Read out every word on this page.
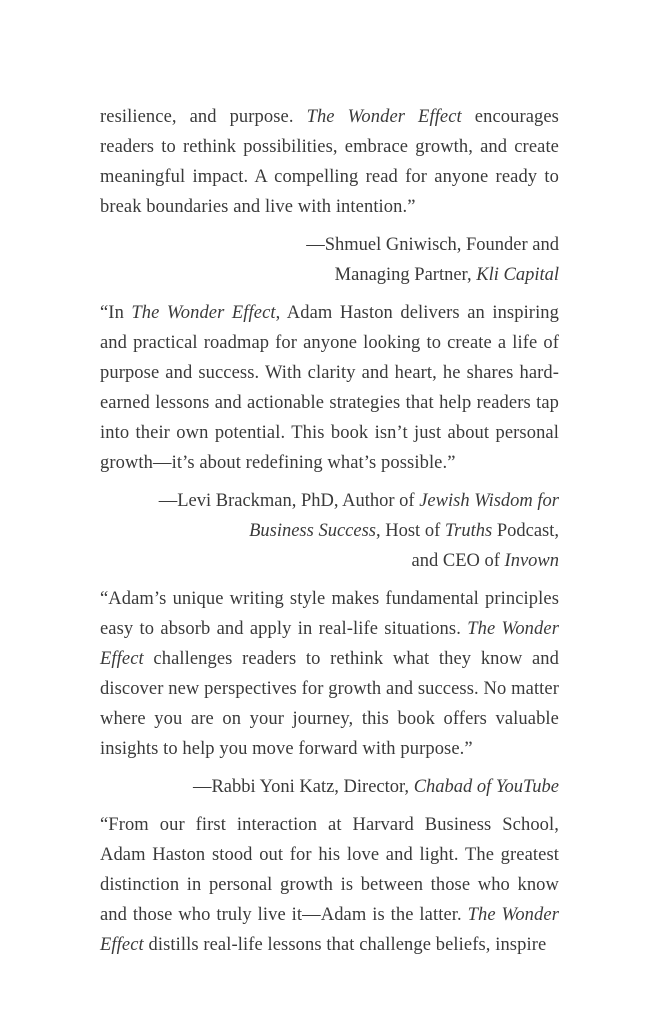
resilience, and purpose. The Wonder Effect encourages readers to rethink possibilities, embrace growth, and create meaningful impact. A compelling read for anyone ready to break boundaries and live with intention.”
—Shmuel Gniwisch, Founder and
Managing Partner, Kli Capital
“In The Wonder Effect, Adam Haston delivers an inspiring and practical roadmap for anyone looking to create a life of purpose and success. With clarity and heart, he shares hard-earned lessons and actionable strategies that help readers tap into their own potential. This book isn’t just about personal growth—it’s about redefining what’s possible.”
—Levi Brackman, PhD, Author of Jewish Wisdom for
Business Success, Host of Truths Podcast,
and CEO of Invown
“Adam’s unique writing style makes fundamental principles easy to absorb and apply in real-life situations. The Wonder Effect challenges readers to rethink what they know and discover new perspectives for growth and success. No matter where you are on your journey, this book offers valuable insights to help you move forward with purpose.”
—Rabbi Yoni Katz, Director, Chabad of YouTube
“From our first interaction at Harvard Business School, Adam Haston stood out for his love and light. The greatest distinction in personal growth is between those who know and those who truly live it—Adam is the latter. The Wonder Effect distills real-life lessons that challenge beliefs, inspire
